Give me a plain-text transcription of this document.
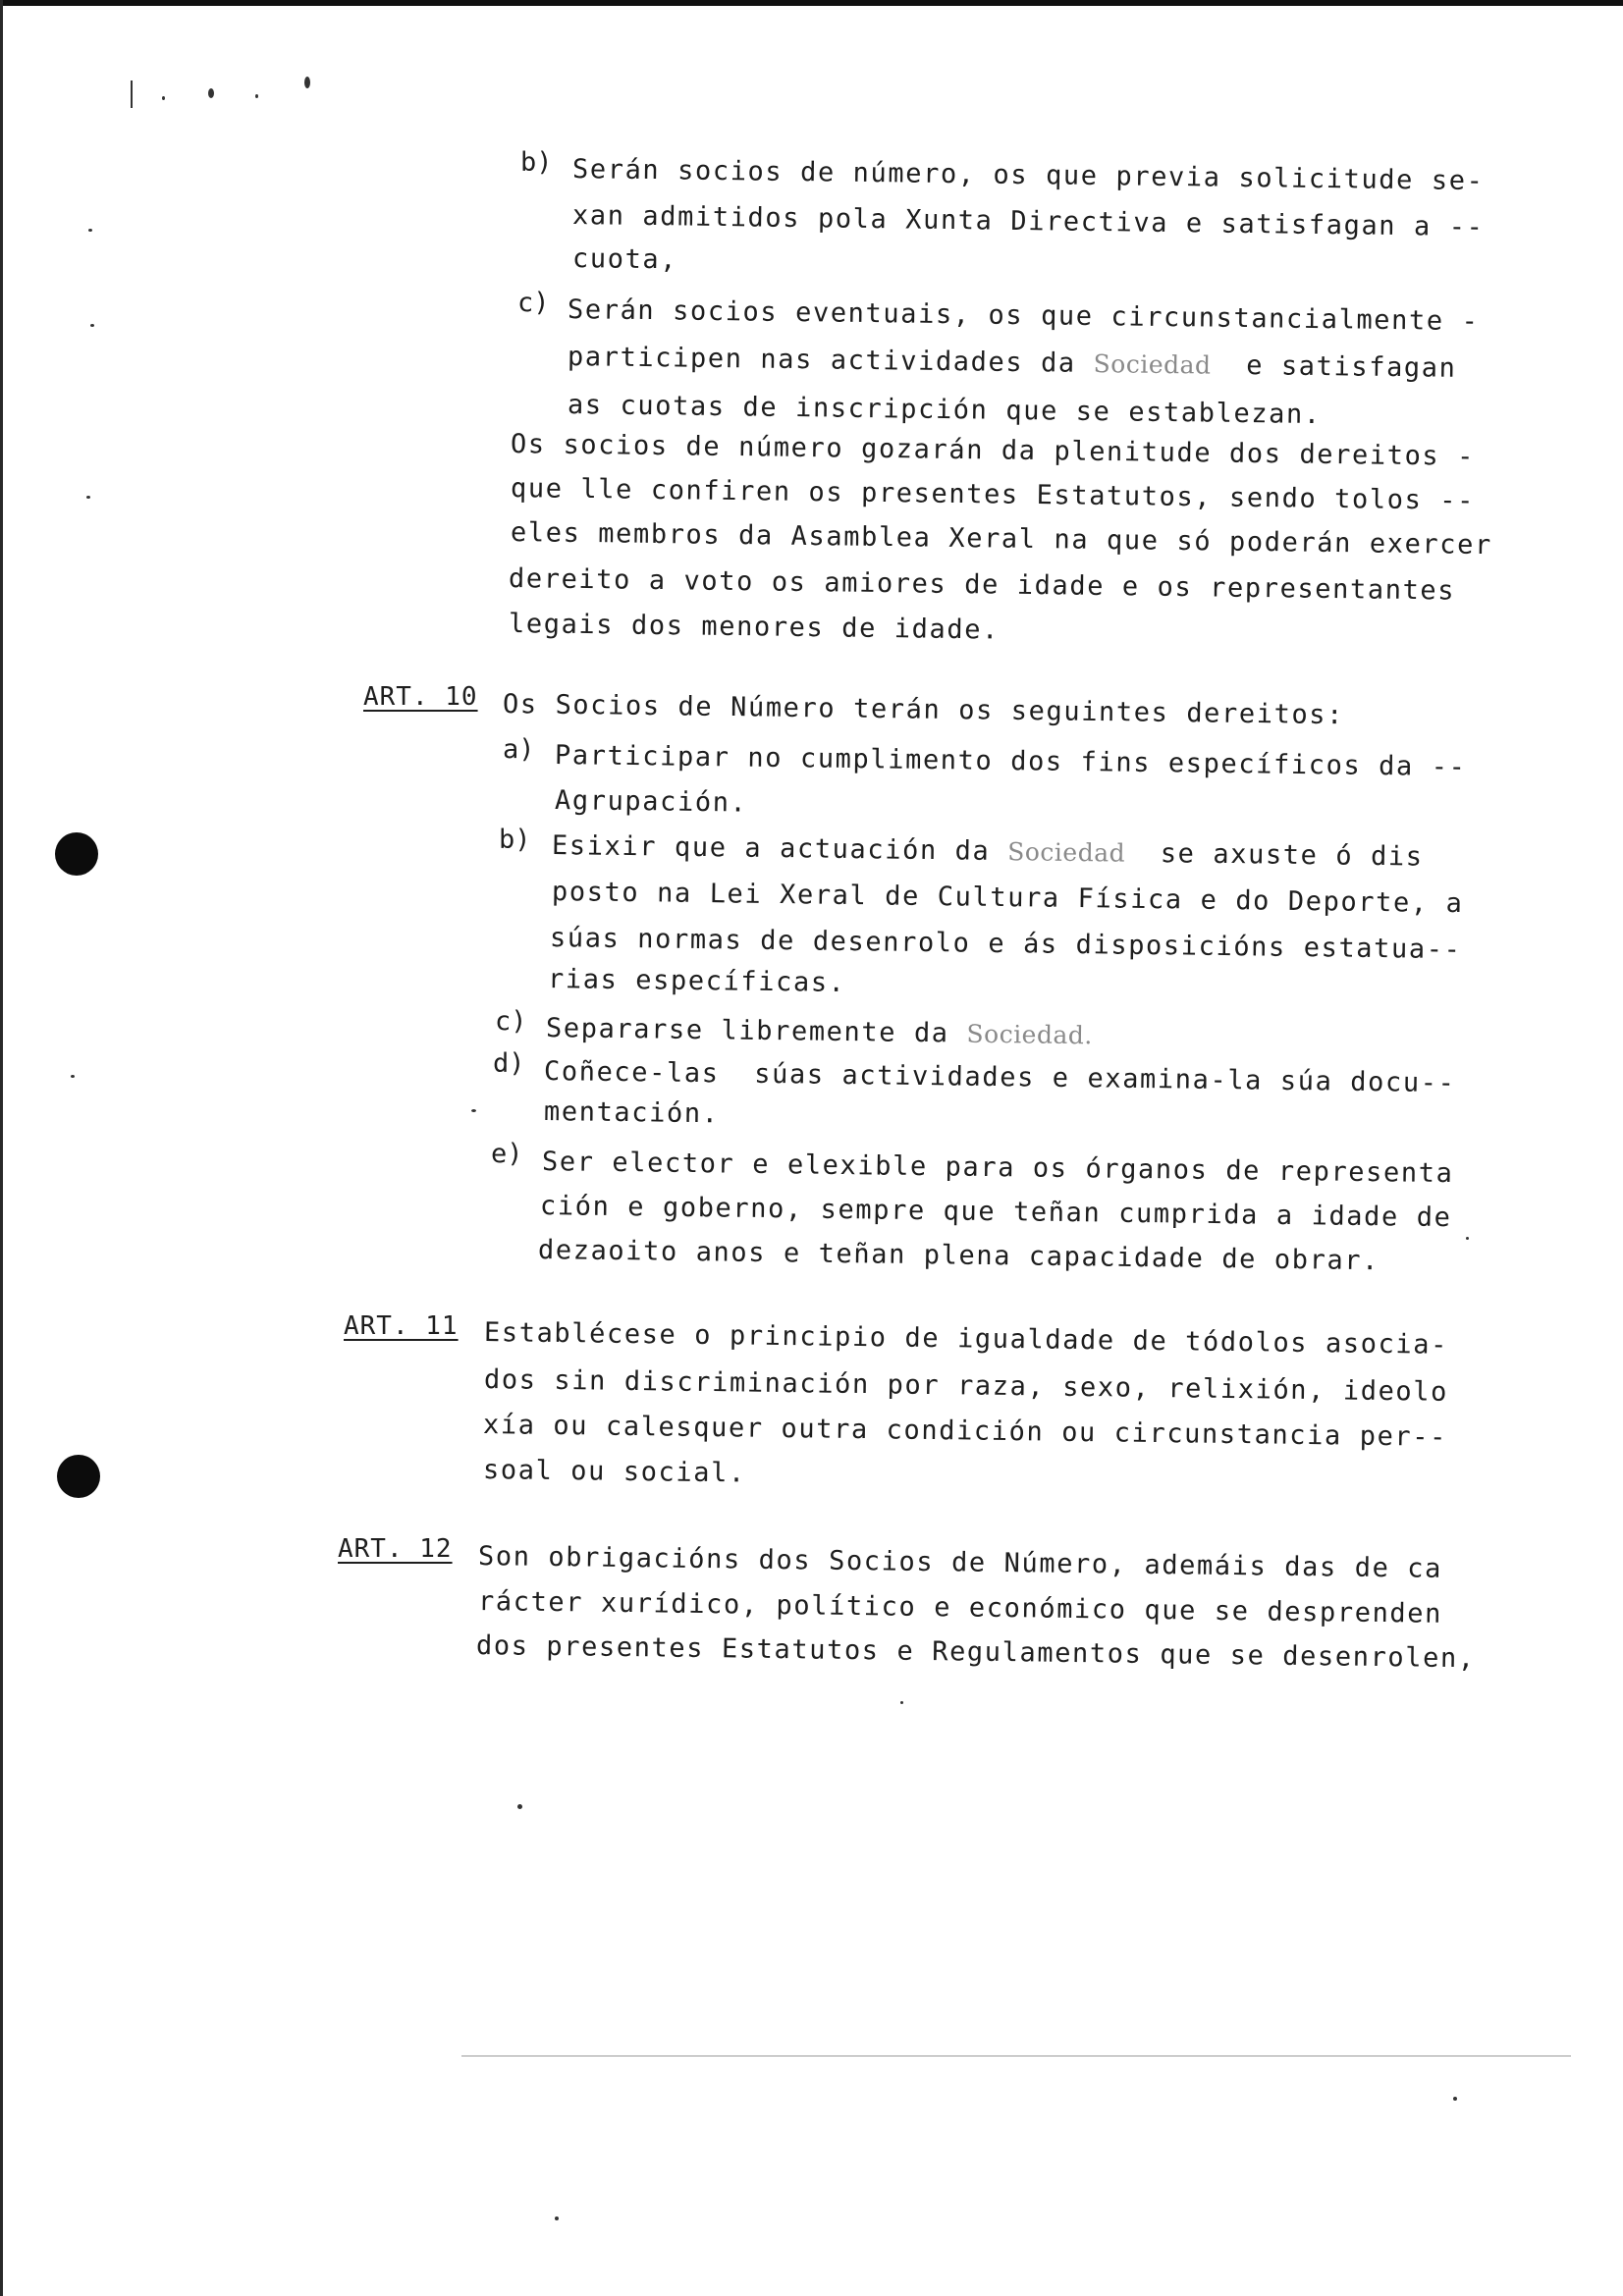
b) Serán socios de número, os que previa solicitude se-
xan admitidos pola Xunta Directiva e satisfagan a --
cuota,
c) Serán socios eventuais, os que circunstancialmente -
participen nas actividades da Sociedad  e satisfagan
as cuotas de inscripción que se establezan.
Os socios de número gozarán da plenitude dos dereitos -
que lle confiren os presentes Estatutos, sendo tolos --
eles membros da Asamblea Xeral na que só poderán exercer
dereito a voto os amiores de idade e os representantes
legais dos menores de idade.
ART. 10 Os Socios de Número terán os seguintes dereitos:
a) Participar no cumplimento dos fins específicos da --
Agrupación.
b) Esixir que a actuación da Sociedad  se axuste ó dis
posto na Lei Xeral de Cultura Física e do Deporte, a
súas normas de desenrolo e ás disposicións estatua--
rias específicas.
c) Separarse libremente da Sociedad.
d) Coñece-las  súas actividades e examina-la súa docu--
mentación.
e) Ser elector e elexible para os órganos de representa
ción e goberno, sempre que teñan cumprida a idade de
dezaoito anos e teñan plena capacidade de obrar.
ART. 11 Establécese o principio de igualdade de tódolos asocia-
dos sin discriminación por raza, sexo, relixión, ideolo
xía ou calesquer outra condición ou circunstancia per--
soal ou social.
ART. 12 Son obrigacións dos Socios de Número, ademáis das de ca
rácter xurídico, político e económico que se desprenden
dos presentes Estatutos e Regulamentos que se desenrolen,
